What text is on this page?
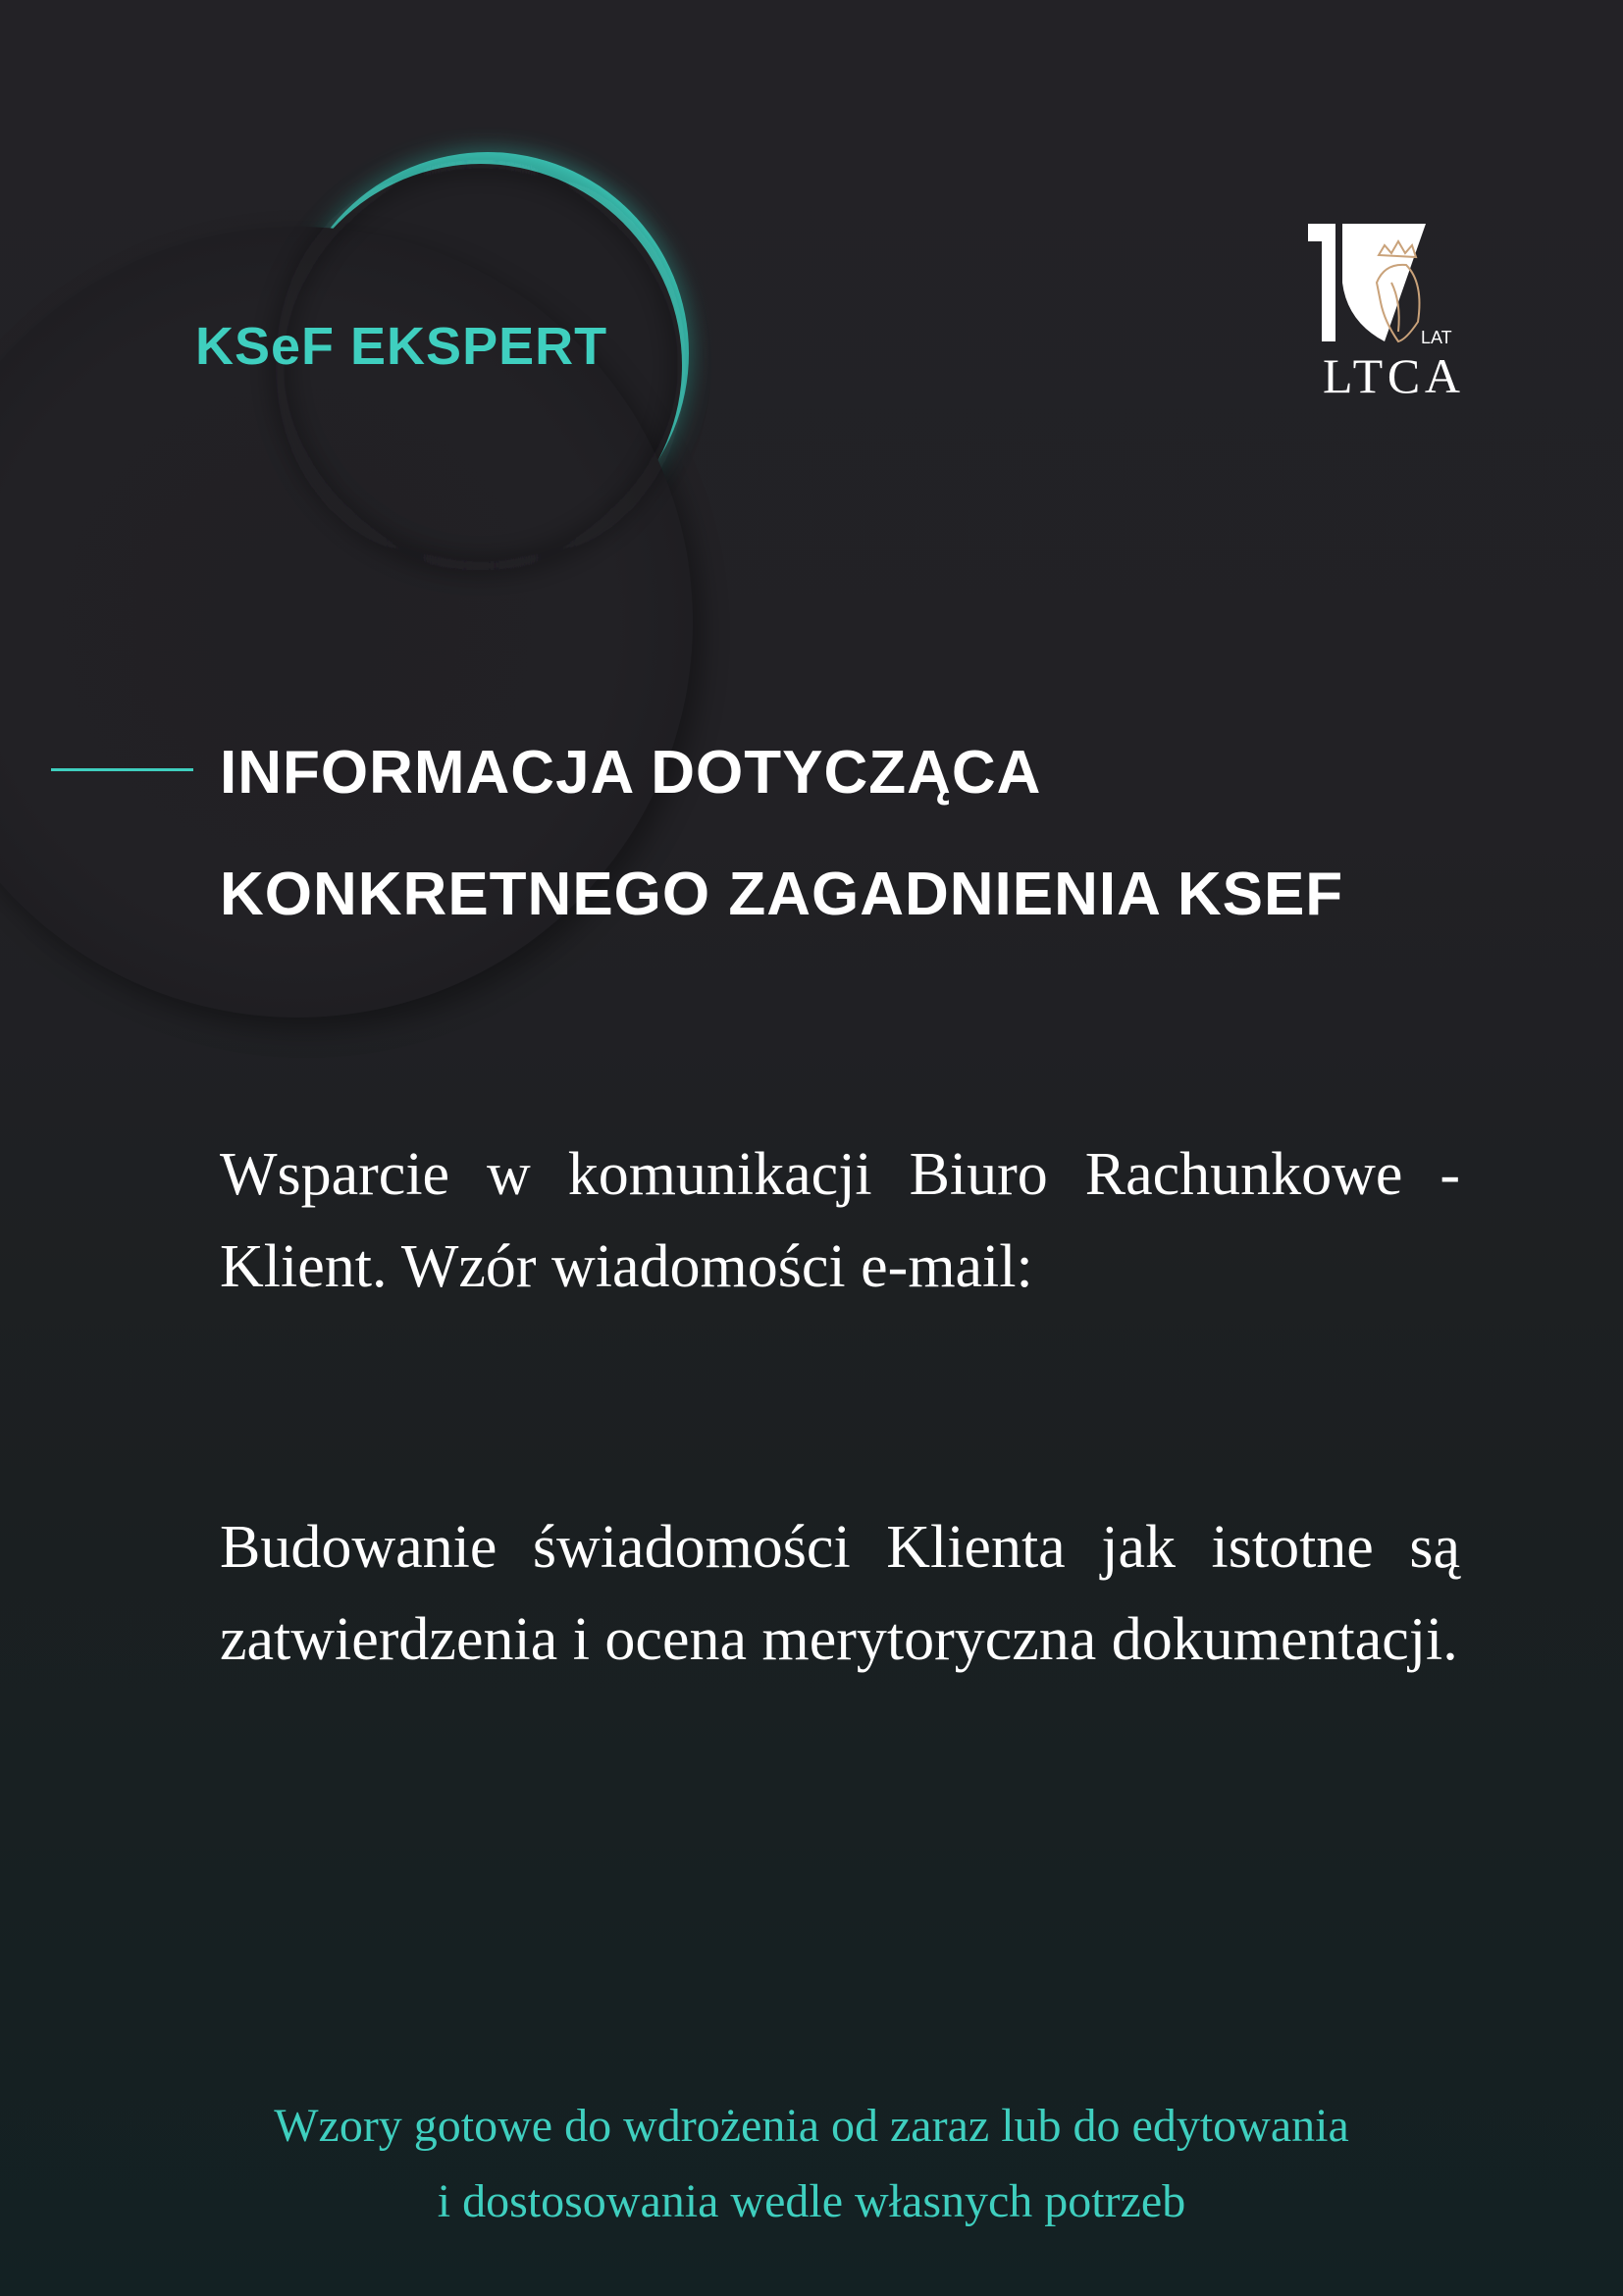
KSeF EKSPERT	LAT
LTCA
INFORMACJA DOTYCZĄCA
KONKRETNEGO ZAGADNIENIA KSEF
Wsparcie w komunikacji Biuro Rachunkowe - Klient. Wzór wiadomości e-mail:
Budowanie świadomości Klienta jak istotne są zatwierdzenia i ocena merytoryczna dokumentacji.
Wzory gotowe do wdrożenia od zaraz lub do edytowania
i dostosowania wedle własnych potrzeb
